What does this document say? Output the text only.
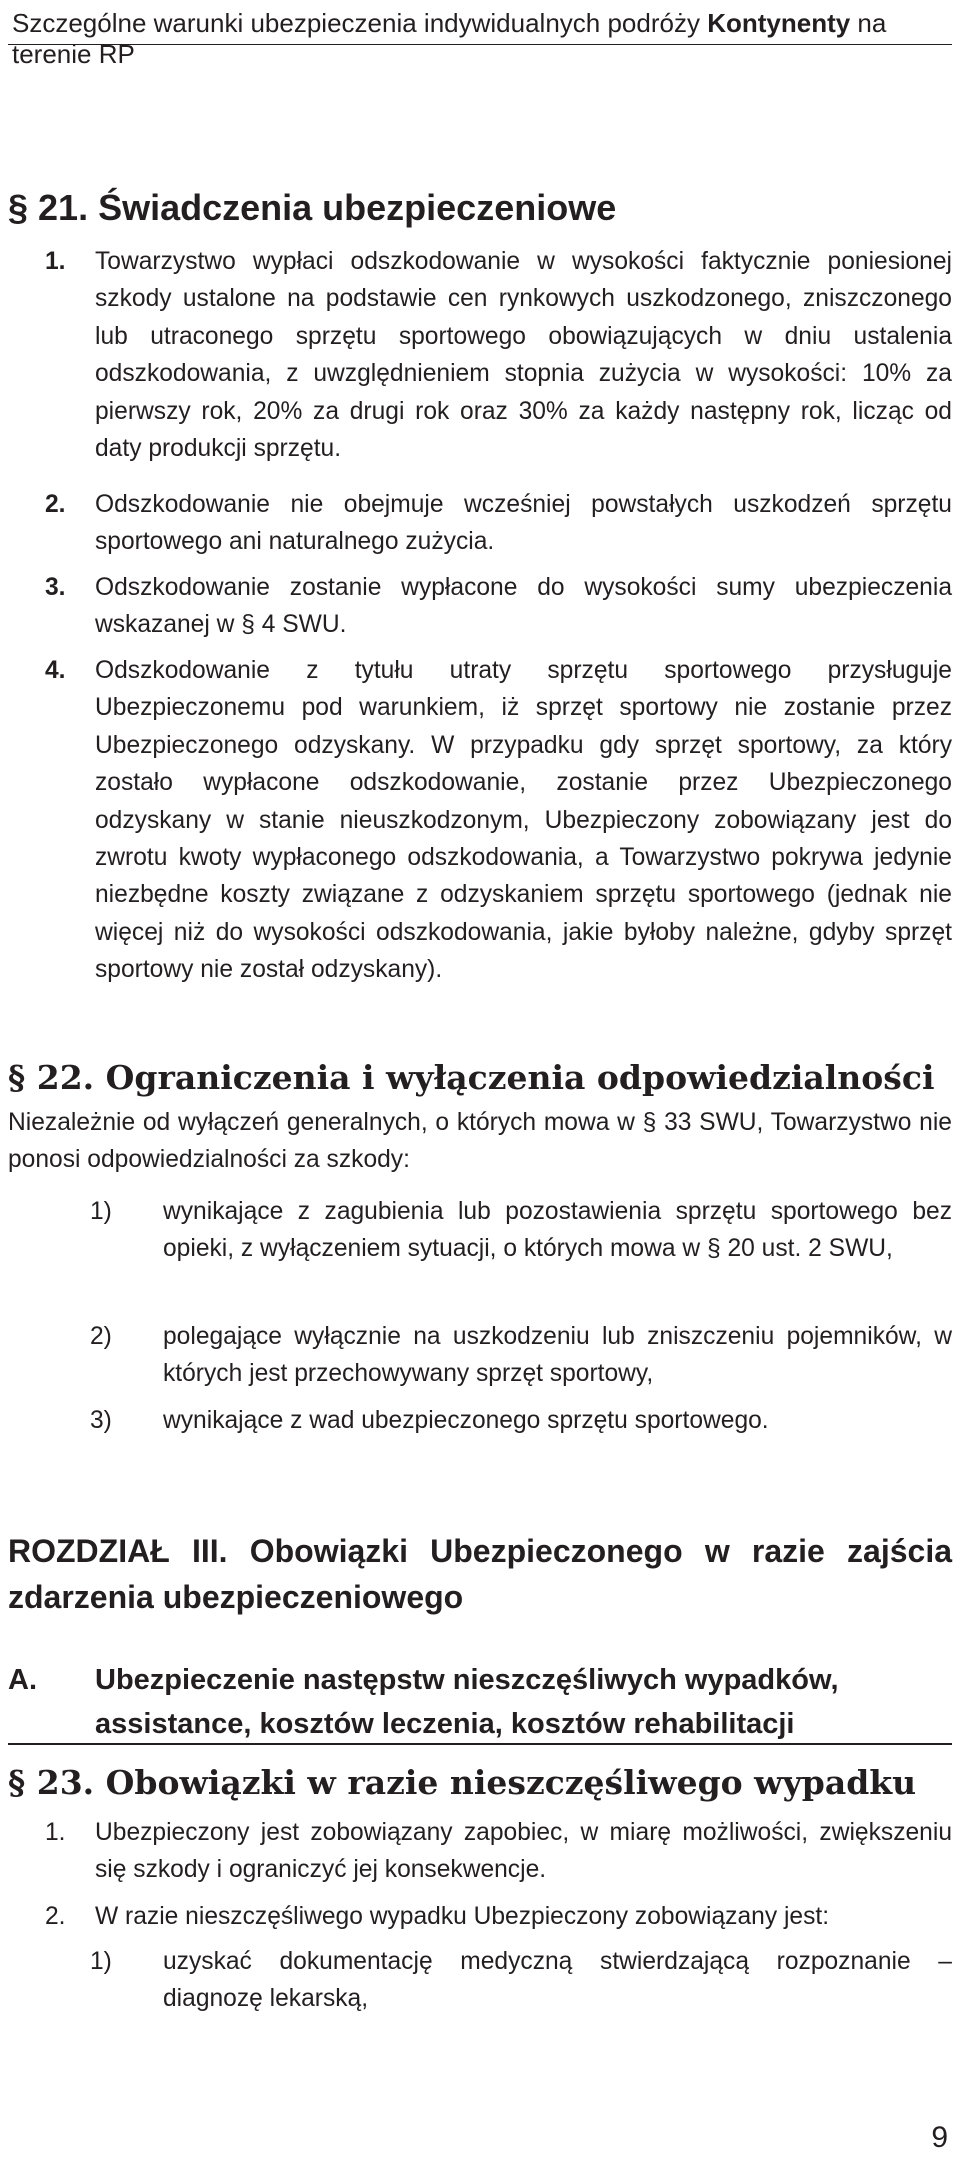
Szczególne warunki ubezpieczenia indywidualnych podróży Kontynenty na terenie RP
§ 21. Świadczenia ubezpieczeniowe
1. Towarzystwo wypłaci odszkodowanie w wysokości faktycznie poniesionej szkody ustalone na podstawie cen rynkowych uszkodzonego, zniszczonego lub utraconego sprzętu sportowego obowiązujących w dniu ustalenia odszkodowania, z uwzględnieniem stopnia zużycia w wysokości: 10% za pierwszy rok, 20% za drugi rok oraz 30% za każdy następny rok, licząc od daty produkcji sprzętu.
2. Odszkodowanie nie obejmuje wcześniej powstałych uszkodzeń sprzętu sportowego ani naturalnego zużycia.
3. Odszkodowanie zostanie wypłacone do wysokości sumy ubezpieczenia wskazanej w § 4 SWU.
4. Odszkodowanie z tytułu utraty sprzętu sportowego przysługuje Ubezpieczonemu pod warunkiem, iż sprzęt sportowy nie zostanie przez Ubezpieczonego odzyskany. W przypadku gdy sprzęt sportowy, za który zostało wypłacone odszkodowanie, zostanie przez Ubezpieczonego odzyskany w stanie nieuszkodzonym, Ubezpieczony zobowiązany jest do zwrotu kwoty wypłaconego odszkodowania, a Towarzystwo pokrywa jedynie niezbędne koszty związane z odzyskaniem sprzętu sportowego (jednak nie więcej niż do wysokości odszkodowania, jakie byłoby należne, gdyby sprzęt sportowy nie został odzyskany).
§ 22. Ograniczenia i wyłączenia odpowiedzialności
Niezależnie od wyłączeń generalnych, o których mowa w § 33 SWU, Towarzystwo nie ponosi odpowiedzialności za szkody:
1) wynikające z zagubienia lub pozostawienia sprzętu sportowego bez opieki, z wyłączeniem sytuacji, o których mowa w § 20 ust. 2 SWU,
2) polegające wyłącznie na uszkodzeniu lub zniszczeniu pojemników, w których jest przechowywany sprzęt sportowy,
3) wynikające z wad ubezpieczonego sprzętu sportowego.
ROZDZIAŁ III. Obowiązki Ubezpieczonego w razie zajścia zdarzenia ubezpieczeniowego
A. Ubezpieczenie następstw nieszczęśliwych wypadków, assistance, kosztów leczenia, kosztów rehabilitacji
§ 23. Obowiązki w razie nieszczęśliwego wypadku
1. Ubezpieczony jest zobowiązany zapobiec, w miarę możliwości, zwiększeniu się szkody i ograniczyć jej konsekwencje.
2. W razie nieszczęśliwego wypadku Ubezpieczony zobowiązany jest:
1) uzyskać dokumentację medyczną stwierdzającą rozpoznanie – diagnozę lekarską,
9
